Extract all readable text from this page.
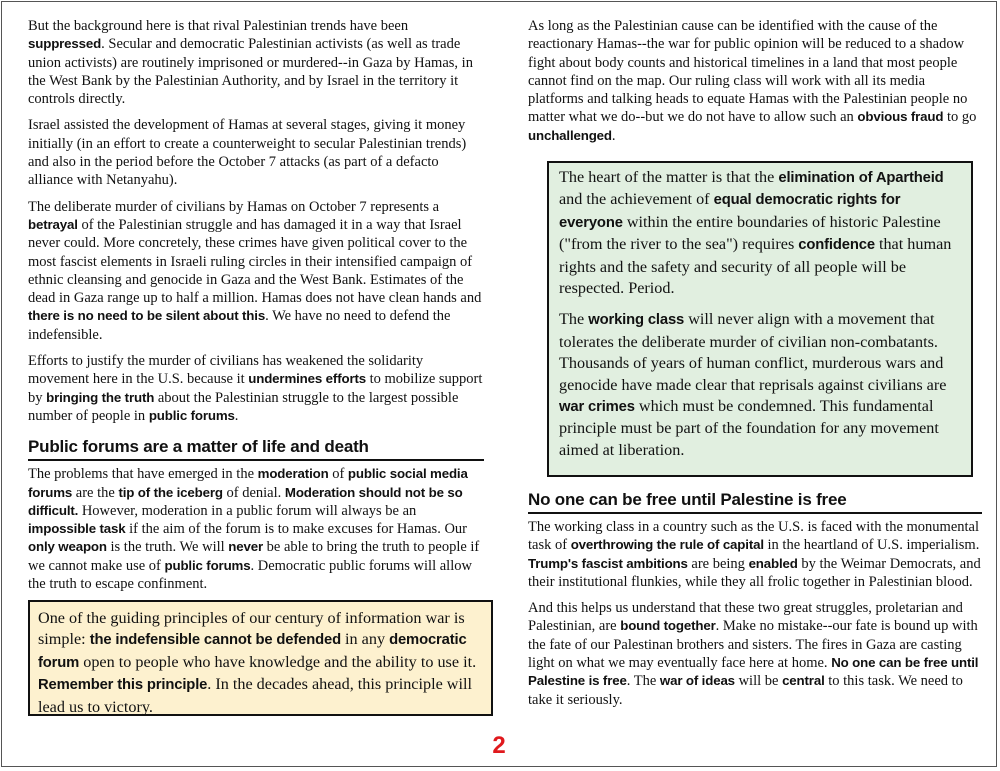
But the background here is that rival Palestinian trends have been suppressed. Secular and democratic Palestinian activists (as well as trade union activists) are routinely imprisoned or murdered--in Gaza by Hamas, in the West Bank by the Palestinian Authority, and by Israel in the territory it controls directly.

Israel assisted the development of Hamas at several stages, giving it money initially (in an effort to create a counterweight to secular Palestinian trends) and also in the period before the October 7 attacks (as part of a defacto alliance with Netanyahu).

The deliberate murder of civilians by Hamas on October 7 represents a betrayal of the Palestinian struggle and has damaged it in a way that Israel never could. More concretely, these crimes have given political cover to the most fascist elements in Israeli ruling circles in their intensified campaign of ethnic cleansing and genocide in Gaza and the West Bank. Estimates of the dead in Gaza range up to half a million. Hamas does not have clean hands and there is no need to be silent about this. We have no need to defend the indefensible.

Efforts to justify the murder of civilians has weakened the solidarity movement here in the U.S. because it undermines efforts to mobilize support by bringing the truth about the Palestinian struggle to the largest possible number of people in public forums.

Public forums are a matter of life and death

The problems that have emerged in the moderation of public social media forums are the tip of the iceberg of denial. Moderation should not be so difficult. However, moderation in a public forum will always be an impossible task if the aim of the forum is to make excuses for Hamas. Our only weapon is the truth. We will never be able to bring the truth to people if we cannot make use of public forums. Democratic public forums will allow the truth to escape confinment.

One of the guiding principles of our century of information war is simple: the indefensible cannot be defended in any democratic forum open to people who have knowledge and the ability to use it. Remember this principle. In the decades ahead, this principle will lead us to victory.

As long as the Palestinian cause can be identified with the cause of the reactionary Hamas--the war for public opinion will be reduced to a shadow fight about body counts and historical timelines in a land that most people cannot find on the map. Our ruling class will work with all its media platforms and talking heads to equate Hamas with the Palestinian people no matter what we do--but we do not have to allow such an obvious fraud to go unchallenged.

The heart of the matter is that the elimination of Apartheid and the achievement of equal democratic rights for everyone within the entire boundaries of historic Palestine ("from the river to the sea") requires confidence that human rights and the safety and security of all people will be respected. Period.

The working class will never align with a movement that tolerates the deliberate murder of civilian non-combatants. Thousands of years of human conflict, murderous wars and genocide have made clear that reprisals against civilians are war crimes which must be condemned. This fundamental principle must be part of the foundation for any movement aimed at liberation.

No one can be free until Palestine is free

The working class in a country such as the U.S. is faced with the monumental task of overthrowing the rule of capital in the heartland of U.S. imperialism. Trump's fascist ambitions are being enabled by the Weimar Democrats, and their institutional flunkies, while they all frolic together in Palestinian blood.

And this helps us understand that these two great struggles, proletarian and Palestinian, are bound together. Make no mistake--our fate is bound up with the fate of our Palestinan brothers and sisters. The fires in Gaza are casting light on what we may eventually face here at home. No one can be free until Palestine is free. The war of ideas will be central to this task. We need to take it seriously.

2
